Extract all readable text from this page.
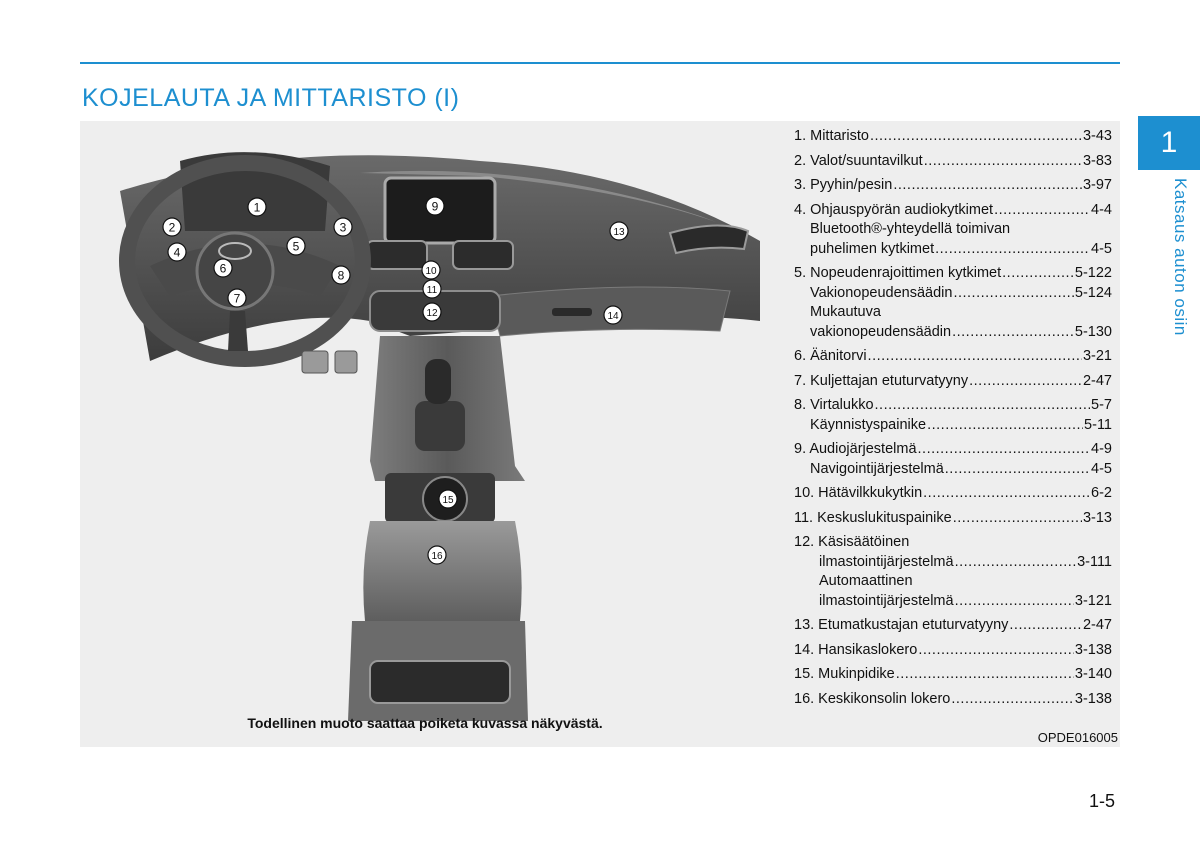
KOJELAUTA JA MITTARISTO (I)
1
Katsaus auton osiin
1
2	3
4	5
6
7
8
9
10
11
12
13
14
15
16
Todellinen muoto saattaa poiketa kuvassa näkyvästä.
OPDE016005
1. Mittaristo .....	3-43
2. Valot/suuntavilkut .....	3-83
3. Pyyhin/pesin .....	3-97
4. Ohjauspyörän audiokytkimet .....	4-4
Bluetooth®-yhteydellä toimivan
puhelimen kytkimet .....	4-5
5. Nopeudenrajoittimen kytkimet .....	5-122
Vakionopeudensäädin .....	5-124
Mukautuva
vakionopeudensäädin .....	5-130
6. Äänitorvi .....	3-21
7. Kuljettajan etuturvatyyny .....	2-47
8. Virtalukko .....	5-7
Käynnistyspainike .....	5-11
9. Audiojärjestelmä .....	4-9
Navigointijärjestelmä .....	4-5
10. Hätävilkkukytkin .....	6-2
11. Keskuslukituspainike .....	3-13
12. Käsisäätöinen
ilmastointijärjestelmä .....	3-111
Automaattinen
ilmastointijärjestelmä .....	3-121
13. Etumatkustajan etuturvatyyny .....	2-47
14. Hansikaslokero .....	3-138
15. Mukinpidike .....	3-140
16. Keskikonsolin lokero .....	3-138
1-5
